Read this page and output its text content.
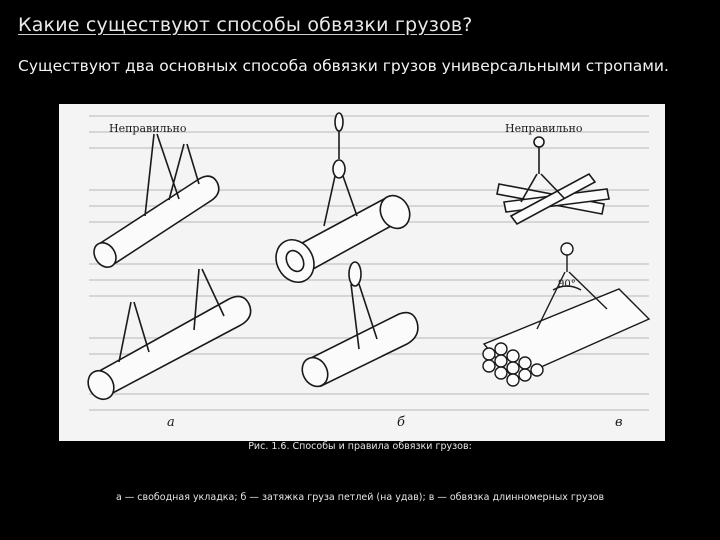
Какие существуют способы обвязки грузов?
Существуют два основных способа обвязки грузов универсальными стропами.
Неправильно
а	б
Неправильно
90°
в
Рис. 1.6. Способы и правила обвязки грузов:
а — свободная укладка; б — затяжка груза петлей (на удав); в — обвязка длинномерных грузов
